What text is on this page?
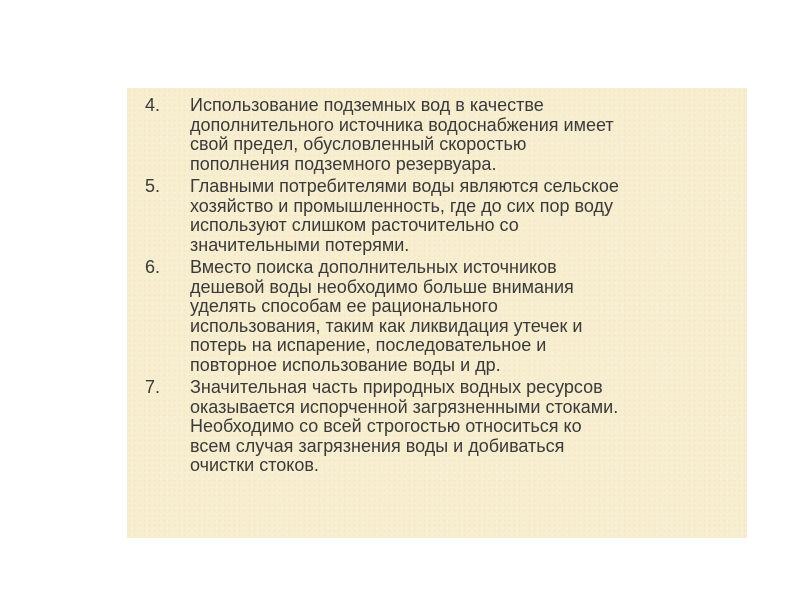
4.	Использование подземных вод в качестве
дополнительного источника водоснабжения имеет
свой предел, обусловленный скоростью
пополнения подземного резервуара.
5.	Главными потребителями воды являются сельское
хозяйство и промышленность, где до сих пор воду
используют слишком расточительно со
значительными потерями.
6.	Вместо поиска дополнительных источников
дешевой воды необходимо больше внимания
уделять способам ее рационального
использования, таким как ликвидация утечек и
потерь на испарение, последовательное и
повторное использование воды и др.
7.	Значительная часть природных водных ресурсов
оказывается испорченной загрязненными стоками.
Необходимо со всей строгостью относиться ко
всем случая загрязнения воды и добиваться
очистки стоков.
